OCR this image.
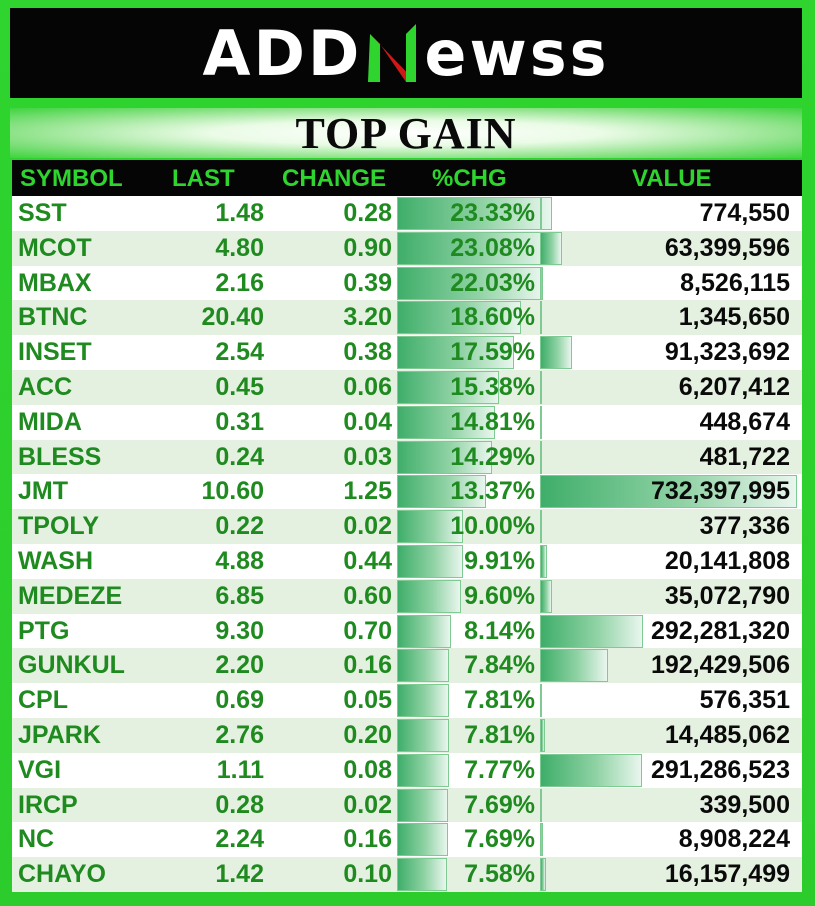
ADD ewss
TOP GAIN
SYMBOL LAST CHANGE %CHG	VALUE
SST	1.48	0.28 23.33%	774,550
MCOT	4.80	0.90 23.08%	63,399,596
MBAX	2.16	0.39 22.03%	8,526,115
BTNC	20.40	3.20 18.60%	1,345,650
INSET	2.54	0.38 17.59%	91,323,692
ACC	0.45	0.06 15.38%	6,207,412
MIDA	0.31	0.04 14.81%	448,674
BLESS	0.24	0.03 14.29%	481,722
JMT	10.60	1.25 13.37%	732,397,995
TPOLY	0.22	0.02 10.00%	377,336
WASH	4.88	0.44	9.91%	20,141,808
MEDEZE	6.85	0.60	9.60%	35,072,790
PTG	9.30	0.70	8.14%	292,281,320
GUNKUL	2.20	0.16	7.84%	192,429,506
CPL	0.69	0.05	7.81%	576,351
JPARK	2.76	0.20	7.81%	14,485,062
VGI	1.11	0.08	7.77%	291,286,523
IRCP	0.28	0.02	7.69%	339,500
NC	2.24	0.16	7.69%	8,908,224
CHAYO	1.42	0.10	7.58%	16,157,499
